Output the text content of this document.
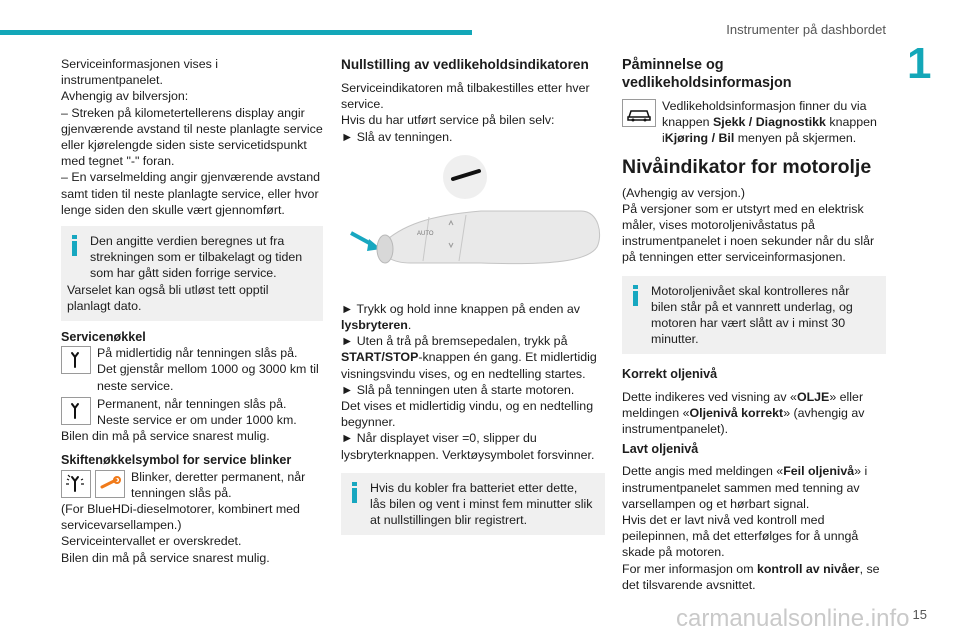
Instrumenter på dashbordet
1
Serviceinformasjonen vises i instrumentpanelet.
Avhengig av bilversjon:
– Streken på kilometertellerens display angir gjenværende avstand til neste planlagte service eller kjørelengde siden siste servicetidspunkt med tegnet "-" foran.
– En varselmelding angir gjenværende avstand samt tiden til neste planlagte service, eller hvor lenge siden den skulle vært gjennomført.
Den angitte verdien beregnes ut fra strekningen som er tilbakelagt og tiden som har gått siden forrige service.
Varselet kan også bli utløst tett opptil planlagt dato.
Servicenøkkel
På midlertidig når tenningen slås på.
Det gjenstår mellom 1000 og 3000 km til neste service.
Permanent, når tenningen slås på.
Neste service er om under 1000 km.
Bilen din må på service snarest mulig.
Skiftenøkkelsymbol for service blinker
Blinker, deretter permanent, når tenningen slås på.
(For BlueHDi-dieselmotorer, kombinert med servicevarsellampen.)
Serviceintervallet er overskredet.
Bilen din må på service snarest mulig.
Nullstilling av vedlikeholdsindikatoren
Serviceindikatoren må tilbakestilles etter hver service.
Hvis du har utført service på bilen selv:
► Slå av tenningen.
AUTO
► Trykk og hold inne knappen på enden av lysbryteren.
► Uten å trå på bremsepedalen, trykk på START/STOP-knappen én gang. Et midlertidig visningsvindu vises, og en nedtelling startes.
► Slå på tenningen uten å starte motoren.
Det vises et midlertidig vindu, og en nedtelling begynner.
► Når displayet viser =0, slipper du lysbryterknappen. Verktøysymbolet forsvinner.
Hvis du kobler fra batteriet etter dette, lås bilen og vent i minst fem minutter slik at nullstillingen blir registrert.
Påminnelse og vedlikeholdsinformasjon
Vedlikeholdsinformasjon finner du via knappen Sjekk / Diagnostikk knappen iKjøring / Bil menyen på skjermen.
Nivåindikator for motorolje
(Avhengig av versjon.)
På versjoner som er utstyrt med en elektrisk måler, vises motoroljenivåstatus på instrumentpanelet i noen sekunder når du slår på tenningen etter serviceinformasjonen.
Motoroljenivået skal kontrolleres når bilen står på et vannrett underlag, og motoren har vært slått av i minst 30 minutter.
Korrekt oljenivå
Dette indikeres ved visning av «OLJE» eller meldingen «Oljenivå korrekt» (avhengig av instrumentpanelet).
Lavt oljenivå
Dette angis med meldingen «Feil oljenivå» i instrumentpanelet sammen med tenning av varsellampen og et hørbart signal.
Hvis det er lavt nivå ved kontroll med peilepinnen, må det etterfølges for å unngå skade på motoren.
For mer informasjon om kontroll av nivåer, se det tilsvarende avsnittet.
carmanualsonline.info 15
